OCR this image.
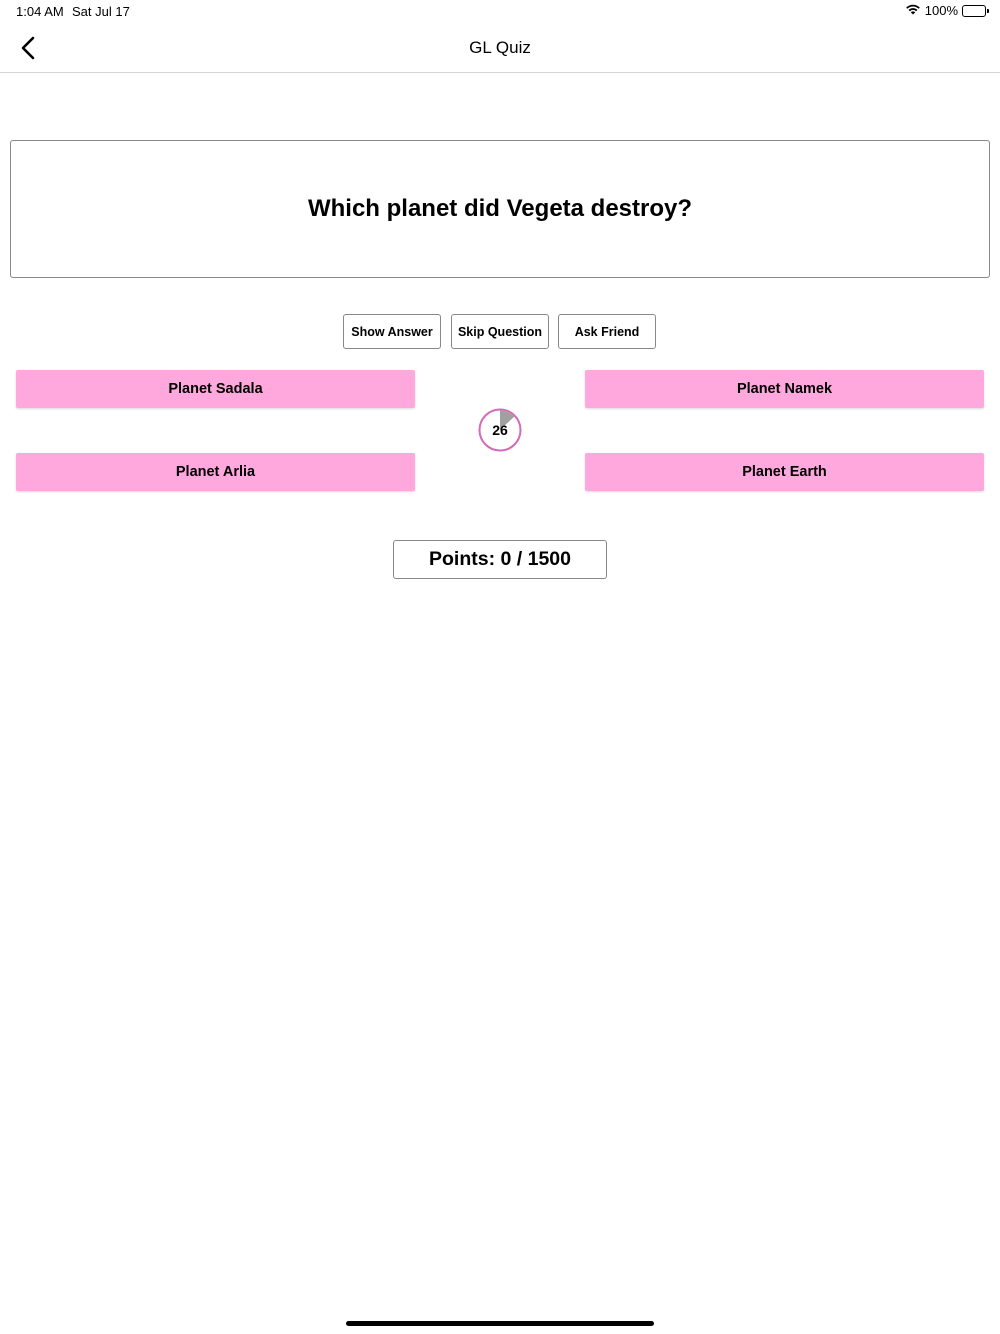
1:04 AM Sat Jul 17	100%
GL Quiz
Which planet did Vegeta destroy?
Show Answer	Skip Question	Ask Friend
Planet Sadala	Planet Namek
Planet Arlia	Planet Earth
26
Points: 0 / 1500
